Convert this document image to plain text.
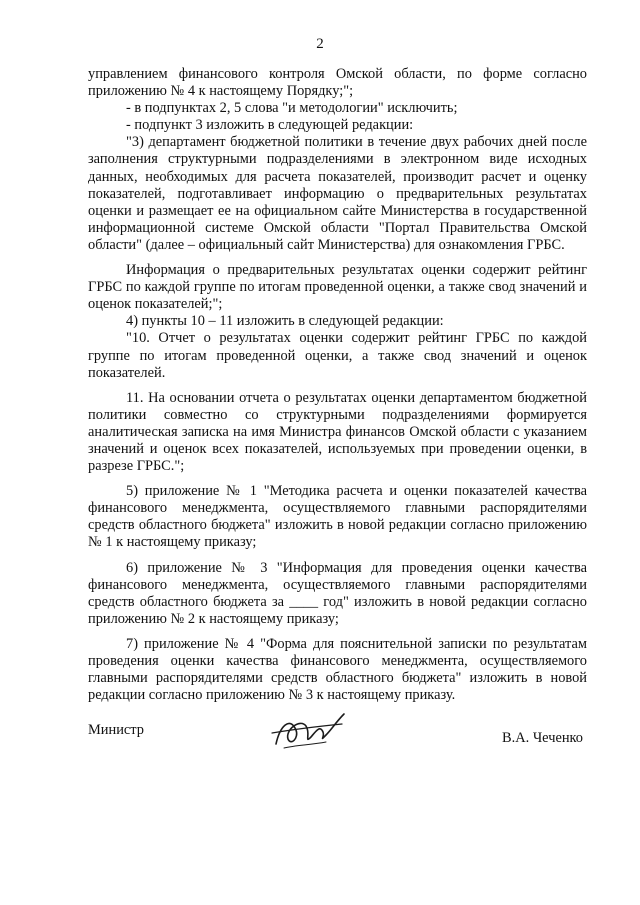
2

управлением финансового контроля Омской области, по форме согласно приложению № 4 к настоящему Порядку;";

- в подпунктах 2, 5 слова "и методологии" исключить;

- подпункт 3 изложить в следующей редакции:

"3) департамент бюджетной политики в течение двух рабочих дней после заполнения структурными подразделениями в электронном виде исходных данных, необходимых для расчета показателей, производит расчет и оценку показателей, подготавливает информацию о предварительных результатах оценки и размещает ее на официальном сайте Министерства в государственной информационной системе Омской области "Портал Правительства Омской области" (далее – официальный сайт Министерства) для ознакомления ГРБС.

Информация о предварительных результатах оценки содержит рейтинг ГРБС по каждой группе по итогам проведенной оценки, а также свод значений и оценок показателей;";

4) пункты 10 – 11 изложить в следующей редакции:

"10. Отчет о результатах оценки содержит рейтинг ГРБС по каждой группе по итогам проведенной оценки, а также свод значений и оценок показателей.

11. На основании отчета о результатах оценки департаментом бюджетной политики совместно со структурными подразделениями формируется аналитическая записка на имя Министра финансов Омской области с указанием значений и оценок всех показателей, используемых при проведении оценки, в разрезе ГРБС.";

5) приложение № 1 "Методика расчета и оценки показателей качества финансового менеджмента, осуществляемого главными распорядителями средств областного бюджета" изложить в новой редакции согласно приложению № 1 к настоящему приказу;

6) приложение № 3 "Информация для проведения оценки качества финансового менеджмента, осуществляемого главными распорядителями средств областного бюджета за ____ год" изложить в новой редакции согласно приложению № 2 к настоящему приказу;

7) приложение № 4 "Форма для пояснительной записки по результатам проведения оценки качества финансового менеджмента, осуществляемого главными распорядителями средств областного бюджета" изложить в новой редакции согласно приложению № 3 к настоящему приказу.

Министр	В.А. Чеченко
